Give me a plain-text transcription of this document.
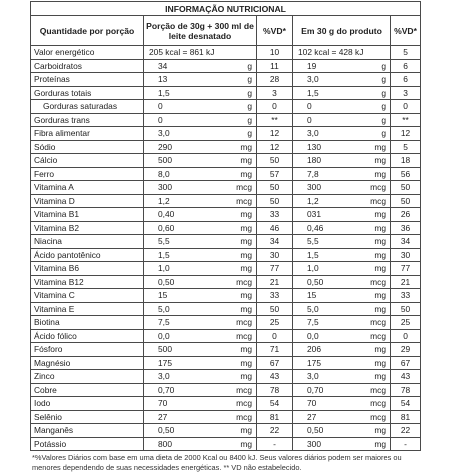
INFORMAÇÃO NUTRICIONAL				
Quantidade por porção	Porção de 30g + 300 ml de leite desnatado	%VD*	Em 30 g do produto	%VD*
Valor energético	205 kcal = 861 kJ	10	102 kcal = 428 kJ	5
Carboidratos	34 g	11	19 g	6
Proteínas	13 g	28	3,0 g	6
Gorduras totais	1,5 g	3	1,5 g	3
Gorduras saturadas	0 g	0	0 g	0
Gorduras trans	0 g	**	0 g	**
Fibra alimentar	3,0 g	12	3,0 g	12
Sódio	290 mg	12	130 mg	5
Cálcio	500 mg	50	180 mg	18
Ferro	8,0 mg	57	7,8 mg	56
Vitamina A	300 mcg	50	300 mcg	50
Vitamina D	1,2 mcg	50	1,2 mcg	50
Vitamina B1	0,40 mg	33	031 mg	26
Vitamina B2	0,60 mg	46	0,46 mg	36
Niacina	5,5 mg	34	5,5 mg	34
Ácido pantotênico	1,5 mg	30	1,5 mg	30
Vitamina B6	1,0 mg	77	1,0 mg	77
Vitamina B12	0,50 mcg	21	0,50 mcg	21
Vitamina C	15 mg	33	15 mg	33
Vitamina E	5,0 mg	50	5,0 mg	50
Biotina	7,5 mcg	25	7,5 mcg	25
Ácido fólico	0,0 mcg	0	0,0 mcg	0
Fósforo	500 mg	71	206 mg	29
Magnésio	175 mg	67	175 mg	67
Zinco	3,0 mg	43	3,0 mg	43
Cobre	0,70 mcg	78	0,70 mcg	78
Iodo	70 mcg	54	70 mcg	54
Selênio	27 mcg	81	27 mcg	81
Manganês	0,50 mg	22	0,50 mg	22
Potássio	800 mg	-	300 mg	-
*%Valores Diários com base em uma dieta de 2000 Kcal ou 8400 kJ. Seus valores diários podem ser maiores ou menores dependendo de suas necessidades energéticas. ** VD não estabelecido.
